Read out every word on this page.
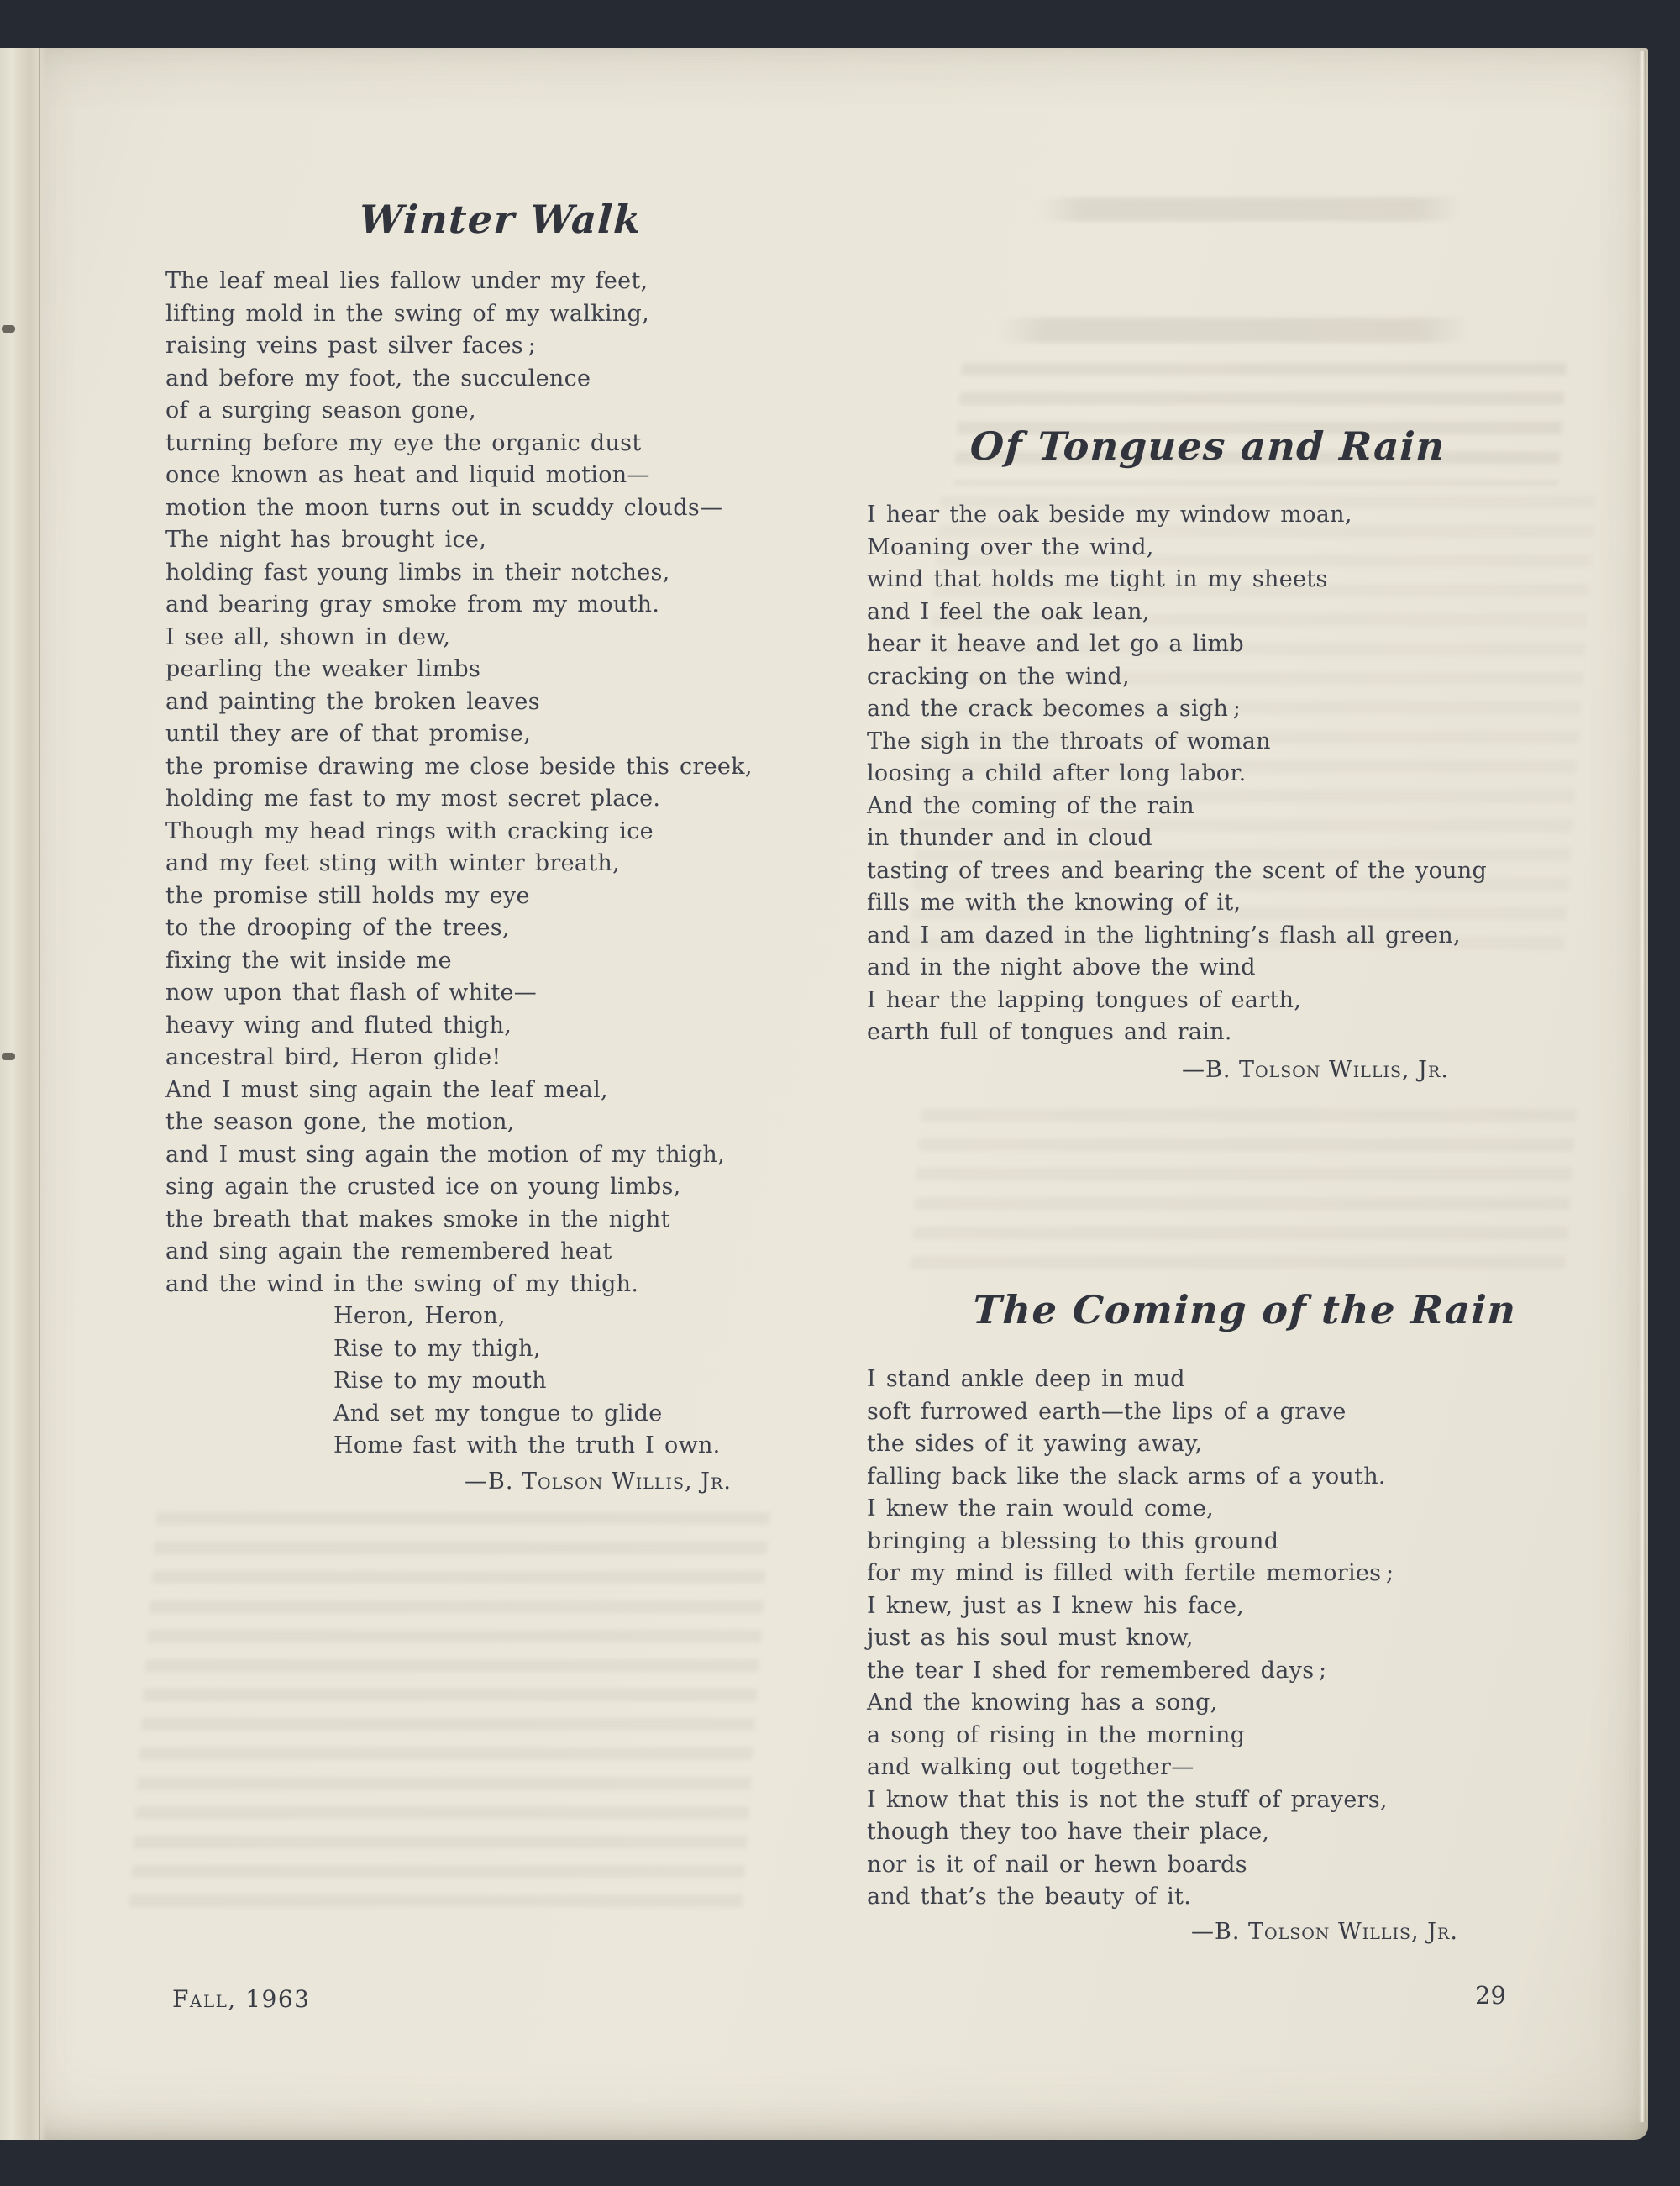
Winter Walk
The leaf meal lies fallow under my feet,
lifting mold in the swing of my walking,
raising veins past silver faces ;
and before my foot, the succulence
of a surging season gone,
turning before my eye the organic dust
once known as heat and liquid motion—
motion the moon turns out in scuddy clouds—
The night has brought ice,
holding fast young limbs in their notches,
and bearing gray smoke from my mouth.
I see all, shown in dew,
pearling the weaker limbs
and painting the broken leaves
until they are of that promise,
the promise drawing me close beside this creek,
holding me fast to my most secret place.
Though my head rings with cracking ice
and my feet sting with winter breath,
the promise still holds my eye
to the drooping of the trees,
fixing the wit inside me
now upon that flash of white—
heavy wing and fluted thigh,
ancestral bird, Heron glide!
And I must sing again the leaf meal,
the season gone, the motion,
and I must sing again the motion of my thigh,
sing again the crusted ice on young limbs,
the breath that makes smoke in the night
and sing again the remembered heat
and the wind in the swing of my thigh.
Heron, Heron,
Rise to my thigh,
Rise to my mouth
And set my tongue to glide
Home fast with the truth I own.
—B. Tolson Willis, Jr.
Of Tongues and Rain
I hear the oak beside my window moan,
Moaning over the wind,
wind that holds me tight in my sheets
and I feel the oak lean,
hear it heave and let go a limb
cracking on the wind,
and the crack becomes a sigh ;
The sigh in the throats of woman
loosing a child after long labor.
And the coming of the rain
in thunder and in cloud
tasting of trees and bearing the scent of the young
fills me with the knowing of it,
and I am dazed in the lightning’s flash all green,
and in the night above the wind
I hear the lapping tongues of earth,
earth full of tongues and rain.
—B. Tolson Willis, Jr.
The Coming of the Rain
I stand ankle deep in mud
soft furrowed earth—the lips of a grave
the sides of it yawing away,
falling back like the slack arms of a youth.
I knew the rain would come,
bringing a blessing to this ground
for my mind is filled with fertile memories ;
I knew, just as I knew his face,
just as his soul must know,
the tear I shed for remembered days ;
And the knowing has a song,
a song of rising in the morning
and walking out together—
I know that this is not the stuff of prayers,
though they too have their place,
nor is it of nail or hewn boards
and that’s the beauty of it.
—B. Tolson Willis, Jr.
Fall, 1963	29
